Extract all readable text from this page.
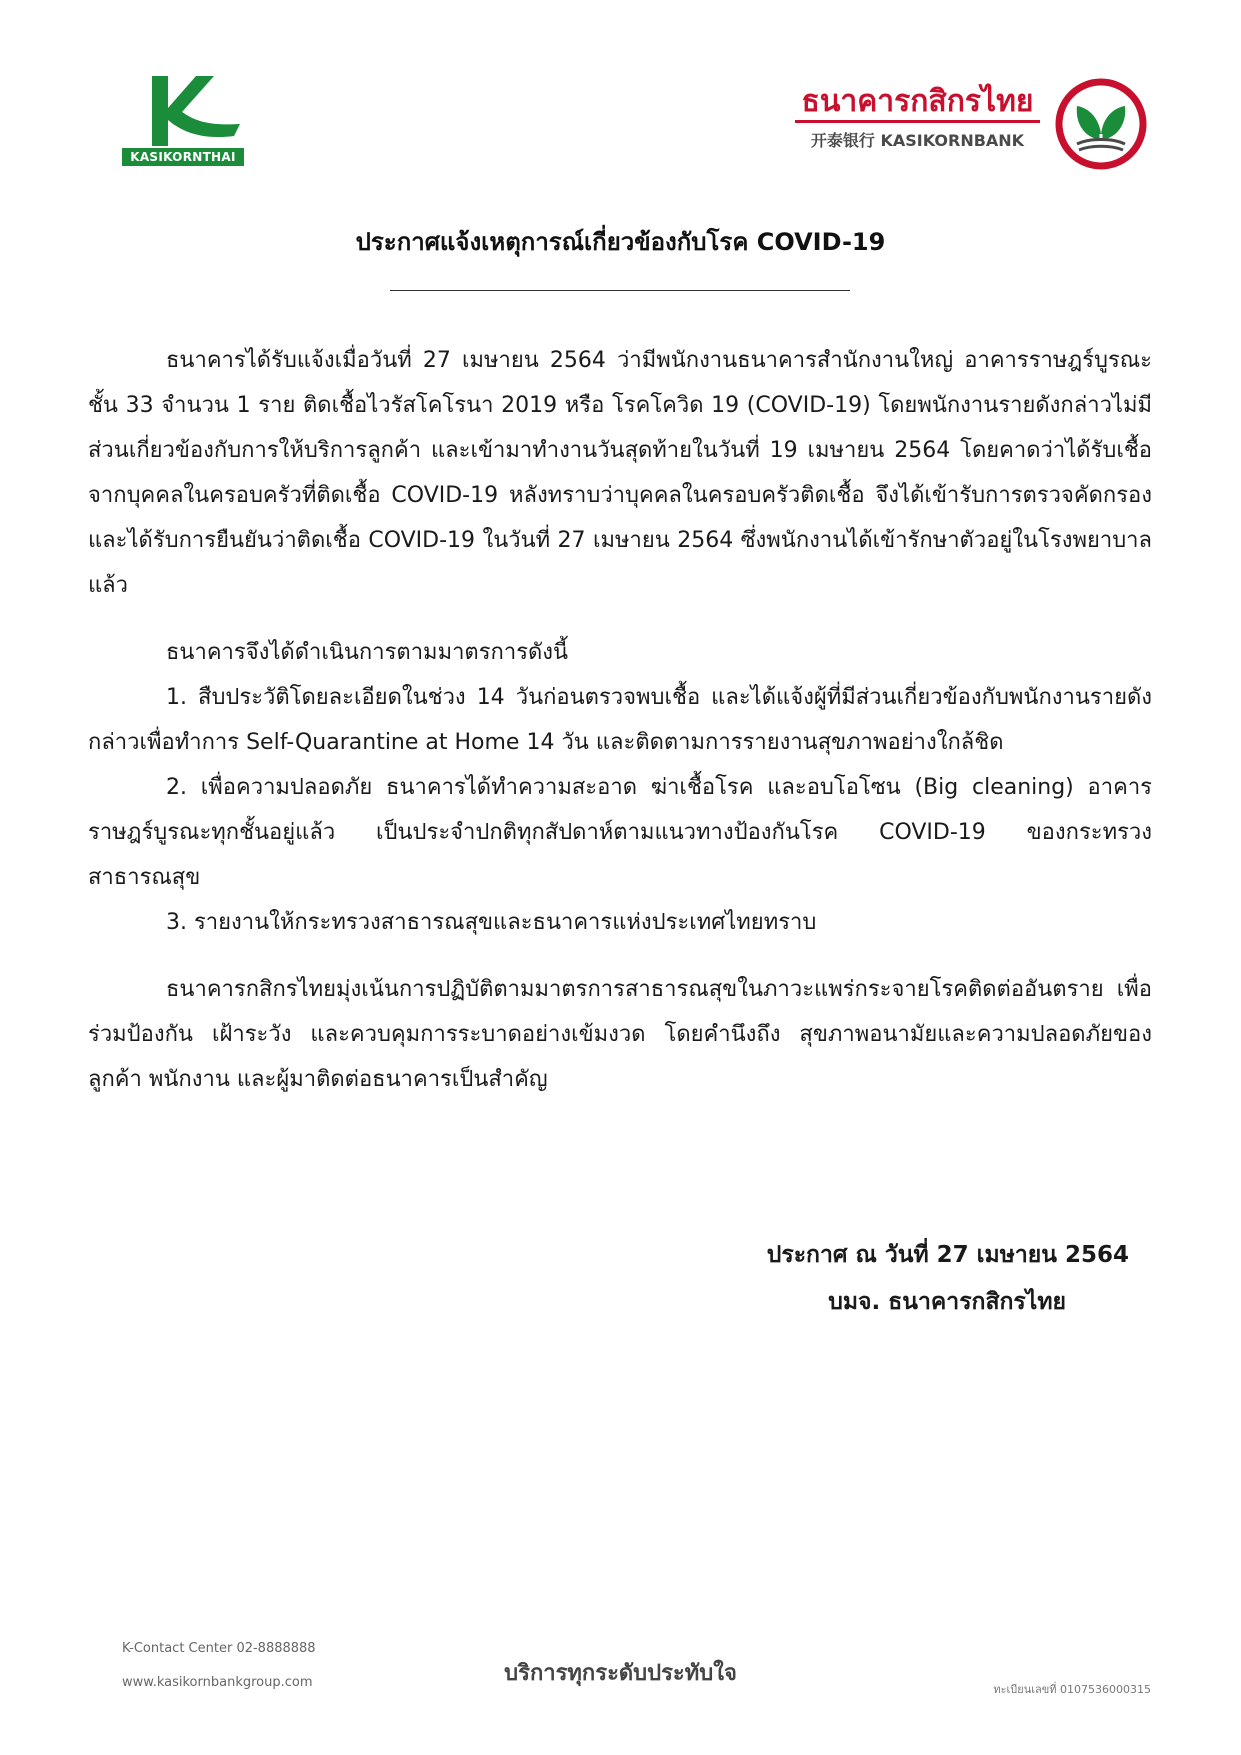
KASIKORNTHAI
ธนาคารกสิกรไทย
开泰银行 KASIKORNBANK
ประกาศแจ้งเหตุการณ์เกี่ยวข้องกับโรค COVID-19

ธนาคารได้รับแจ้งเมื่อวันที่ 27 เมษายน 2564 ว่ามีพนักงานธนาคารสำนักงานใหญ่ อาคารราษฎร์บูรณะ ชั้น 33 จำนวน 1 ราย ติดเชื้อไวรัสโคโรนา 2019 หรือ โรคโควิด 19 (COVID-19) โดยพนักงานรายดังกล่าวไม่มีส่วนเกี่ยวข้องกับการให้บริการลูกค้า และเข้ามาทำงานวันสุดท้ายในวันที่ 19 เมษายน 2564 โดยคาดว่าได้รับเชื้อจากบุคคลในครอบครัวที่ติดเชื้อ COVID-19 หลังทราบว่าบุคคลในครอบครัวติดเชื้อ จึงได้เข้ารับการตรวจคัดกรอง และได้รับการยืนยันว่าติดเชื้อ COVID-19 ในวันที่ 27 เมษายน 2564 ซึ่งพนักงานได้เข้ารักษาตัวอยู่ในโรงพยาบาลแล้ว

ธนาคารจึงได้ดำเนินการตามมาตรการดังนี้

1. สืบประวัติโดยละเอียดในช่วง 14 วันก่อนตรวจพบเชื้อ และได้แจ้งผู้ที่มีส่วนเกี่ยวข้องกับพนักงานรายดังกล่าวเพื่อทำการ Self-Quarantine at Home 14 วัน และติดตามการรายงานสุขภาพอย่างใกล้ชิด

2. เพื่อความปลอดภัย ธนาคารได้ทำความสะอาด ฆ่าเชื้อโรค และอบโอโซน (Big cleaning) อาคารราษฎร์บูรณะทุกชั้นอยู่แล้ว เป็นประจำปกติทุกสัปดาห์ตามแนวทางป้องกันโรค COVID-19 ของกระทรวงสาธารณสุข

3. รายงานให้กระทรวงสาธารณสุขและธนาคารแห่งประเทศไทยทราบ

ธนาคารกสิกรไทยมุ่งเน้นการปฏิบัติตามมาตรการสาธารณสุขในภาวะแพร่กระจายโรคติดต่ออันตราย เพื่อร่วมป้องกัน เฝ้าระวัง และควบคุมการระบาดอย่างเข้มงวด โดยคำนึงถึง สุขภาพอนามัยและความปลอดภัยของลูกค้า พนักงาน และผู้มาติดต่อธนาคารเป็นสำคัญ

ประกาศ ณ วันที่ 27 เมษายน 2564
บมจ. ธนาคารกสิกรไทย
K-Contact Center 02-8888888
www.kasikornbankgroup.com	บริการทุกระดับประทับใจ
ทะเบียนเลขที่ 0107536000315
